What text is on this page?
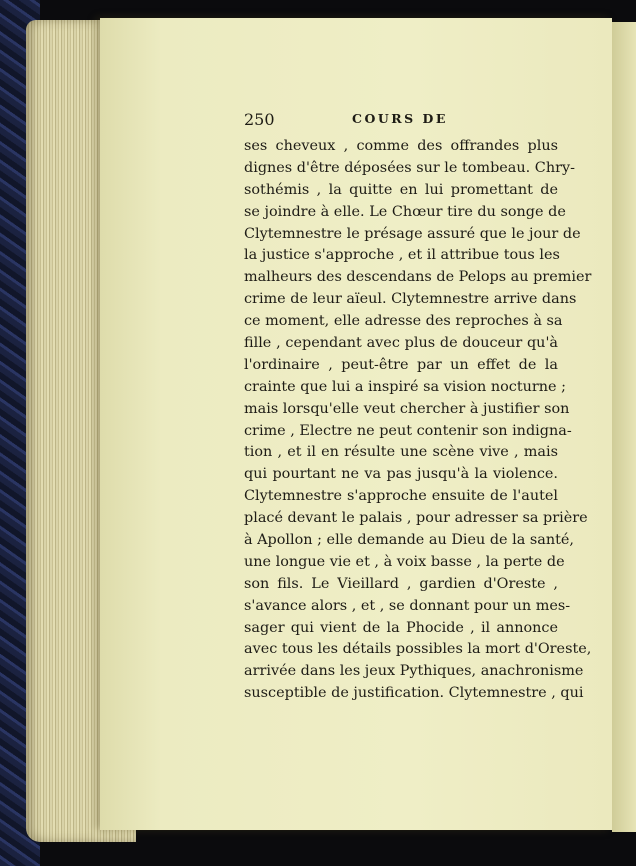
250	COURS DE
ses cheveux , comme des offrandes plus
dignes d'être déposées sur le tombeau. Chry-
sothémis , la quitte en lui promettant de
se joindre à elle. Le Chœur tire du songe de
Clytemnestre le présage assuré que le jour de
la justice s'approche , et il attribue tous les
malheurs des descendans de Pelops au premier
crime de leur aïeul. Clytemnestre arrive dans
ce moment, elle adresse des reproches à sa
fille , cependant avec plus de douceur qu'à
l'ordinaire , peut-être par un effet de la
crainte que lui a inspiré sa vision nocturne ;
mais lorsqu'elle veut chercher à justifier son
crime , Electre ne peut contenir son indigna-
tion , et il en résulte une scène vive , mais
qui pourtant ne va pas jusqu'à la violence.
Clytemnestre s'approche ensuite de l'autel
placé devant le palais , pour adresser sa prière
à Apollon ; elle demande au Dieu de la santé,
une longue vie et , à voix basse , la perte de
son fils. Le Vieillard , gardien d'Oreste ,
s'avance alors , et , se donnant pour un mes-
sager qui vient de la Phocide , il annonce
avec tous les détails possibles la mort d'Oreste,
arrivée dans les jeux Pythiques, anachronisme
susceptible de justification. Clytemnestre , qui
